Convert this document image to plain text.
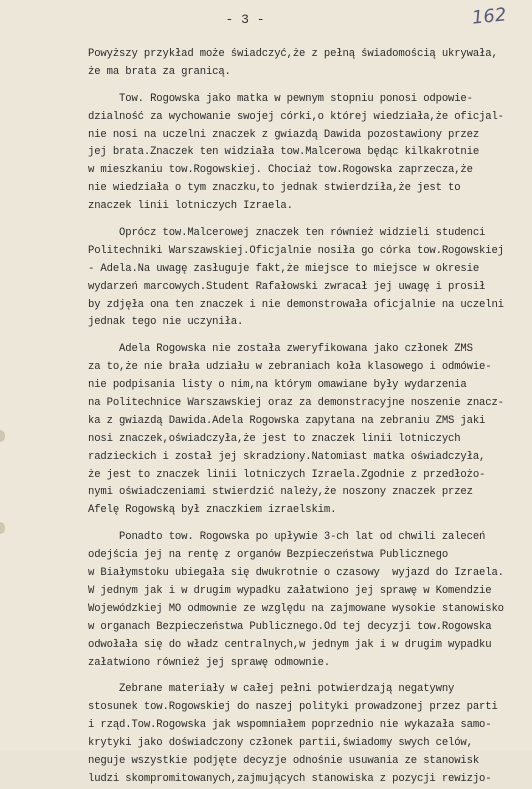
- 3 -	162
Powyższy przykład może świadczyć,że z pełną świadomością ukrywała,
że ma brata za granicą.
Tow. Rogowska jako matka w pewnym stopniu ponosi odpowie-
dzialność za wychowanie swojej córki,o której wiedziała,że oficjal-
nie nosi na uczelni znaczek z gwiazdą Dawida pozostawiony przez
jej brata.Znaczek ten widziała tow.Malcerowa będąc kilkakrotnie
w mieszkaniu tow.Rogowskiej. Chociaż tow.Rogowska zaprzecza,że
nie wiedziała o tym znaczku,to jednak stwierdziła,że jest to
znaczek linii lotniczych Izraela.
Oprócz tow.Malcerowej znaczek ten również widzieli studenci
Politechniki Warszawskiej.Oficjalnie nosiła go córka tow.Rogowskiej
- Adela.Na uwagę zasługuje fakt,że miejsce to miejsce w okresie
wydarzeń marcowych.Student Rafałowski zwracał jej uwagę i prosił
by zdjęła ona ten znaczek i nie demonstrowała oficjalnie na uczelni
jednak tego nie uczyniła.
Adela Rogowska nie została zweryfikowana jako członek ZMS
za to,że nie brała udziału w zebraniach koła klasowego i odmówie-
nie podpisania listy o nim,na którym omawiane były wydarzenia
na Politechnice Warszawskiej oraz za demonstracyjne noszenie znacz-
ka z gwiazdą Dawida.Adela Rogowska zapytana na zebraniu ZMS jaki
nosi znaczek,oświadczyła,że jest to znaczek linii lotniczych
radzieckich i został jej skradziony.Natomiast matka oświadczyła,
że jest to znaczek linii lotniczych Izraela.Zgodnie z przedłożo-
nymi oświadczeniami stwierdzić należy,że noszony znaczek przez
Afelę Rogowską był znaczkiem izraelskim.
Ponadto tow. Rogowska po upływie 3-ch lat od chwili zaleceń
odejścia jej na rentę z organów Bezpieczeństwa Publicznego
w Białymstoku ubiegała się dwukrotnie o czasowy  wyjazd do Izraela.
W jednym jak i w drugim wypadku załatwiono jej sprawę w Komendzie
Wojewódzkiej MO odmownie ze względu na zajmowane wysokie stanowisko
w organach Bezpieczeństwa Publicznego.Od tej decyzji tow.Rogowska
odwołała się do władz centralnych,w jednym jak i w drugim wypadku
załatwiono również jej sprawę odmownie.
Zebrane materiały w całej pełni potwierdzają negatywny
stosunek tow.Rogowskiej do naszej polityki prowadzonej przez parti
i rząd.Tow.Rogowska jak wspomniałem poprzednio nie wykazała samo-
krytyki jako doświadczony członek partii,świadomy swych celów,
neguje wszystkie podjęte decyzje odnośnie usuwania ze stanowisk
ludzi skompromitowanych,zajmujących stanowiska z pozycji rewizjo-
